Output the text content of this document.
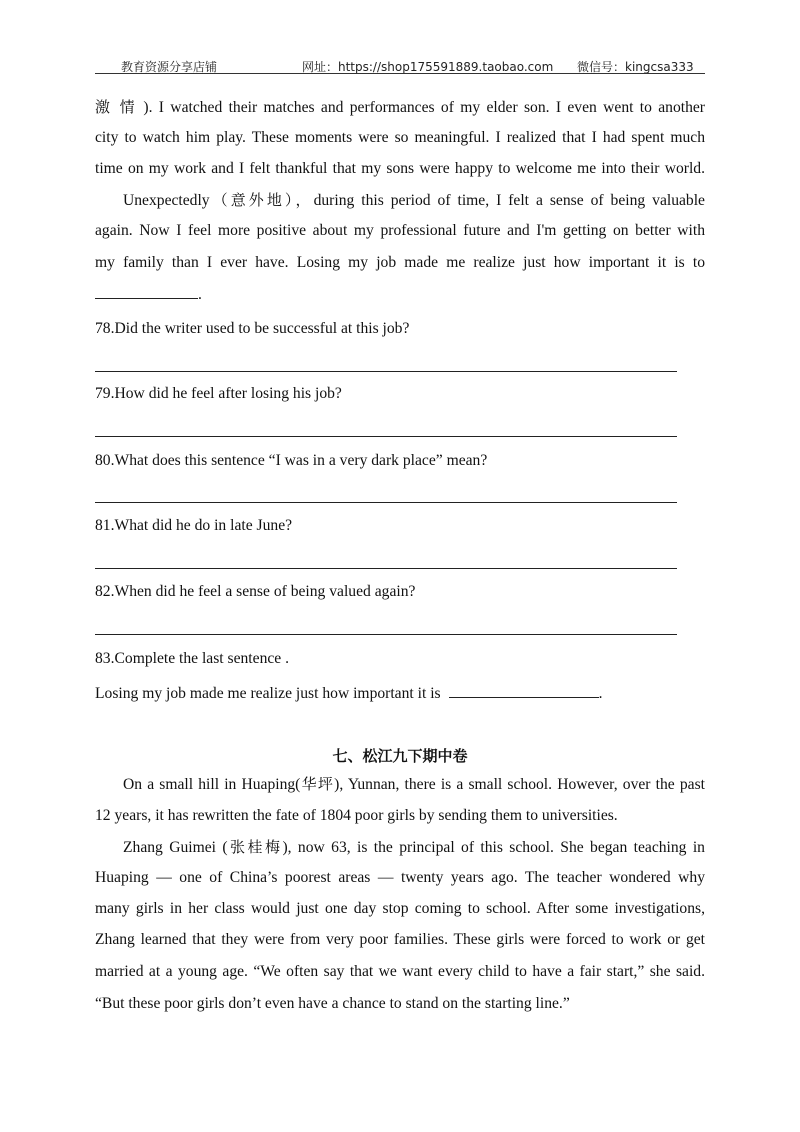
教育资源分享店铺	网址：https://shop175591889.taobao.com 微信号：kingcsa333
激 情 ). I watched their matches and performances of my elder son. I even went to another
city to watch him play. These moments were so meaningful. I realized that I had spent much
time on my work and I felt thankful that my sons were happy to welcome me into their world.
Unexpectedly（意外地），during this period of time, I felt a sense of being valuable
again. Now I feel more positive about my professional future and I'm getting on better with
my family than I ever have. Losing my job made me realize just how important it is to
.
78.Did the writer used to be successful at this job?
79.How did he feel after losing his job?
80.What does this sentence “I was in a very dark place” mean?
81.What did he do in late June?
82.When did he feel a sense of being valued again?
83.Complete the last sentence .
Losing my job made me realize just how important it is	.
七、松江九下期中卷
On a small hill in Huaping(华坪), Yunnan, there is a small school. However, over the past
12 years, it has rewritten the fate of 1804 poor girls by sending them to universities.
Zhang Guimei (张桂梅), now 63, is the principal of this school. She began teaching in
Huaping — one of China’s poorest areas — twenty years ago. The teacher wondered why
many girls in her class would just one day stop coming to school. After some investigations,
Zhang learned that they were from very poor families. These girls were forced to work or get
married at a young age. “We often say that we want every child to have a fair start,” she said.
“But these poor girls don’t even have a chance to stand on the starting line.”
